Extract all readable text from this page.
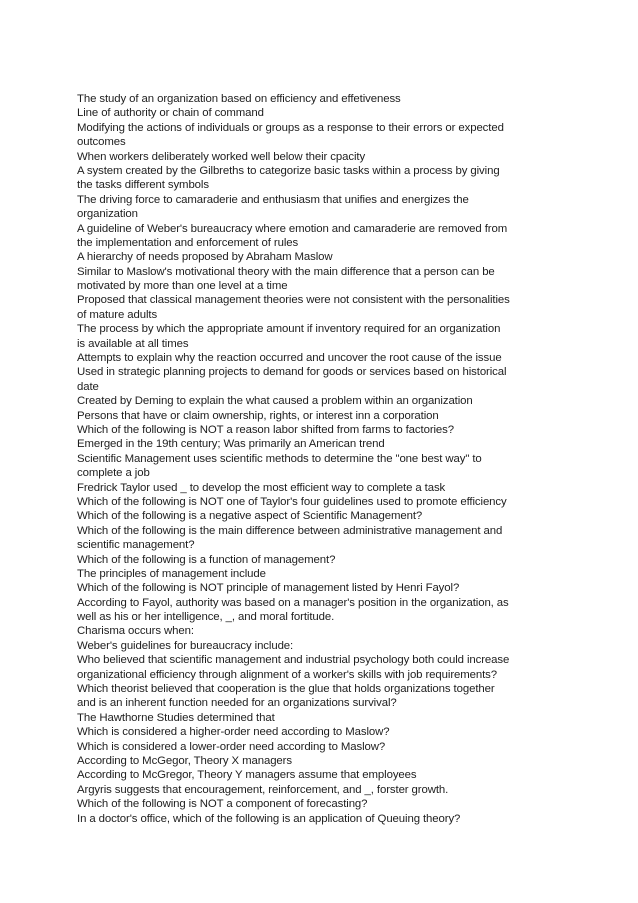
The study of an organization based on efficiency and effetiveness
Line of authority or chain of command
Modifying the actions of individuals or groups as a response to their errors or expected
outcomes
When workers deliberately worked well below their cpacity
A system created by the Gilbreths to categorize basic tasks within a process by giving
the tasks different symbols
The driving force to camaraderie and enthusiasm that unifies and energizes the
organization
A guideline of Weber's bureaucracy where emotion and camaraderie are removed from
the implementation and enforcement of rules
A hierarchy of needs proposed by Abraham Maslow
Similar to Maslow's motivational theory with the main difference that a person can be
motivated by more than one level at a time
Proposed that classical management theories were not consistent with the personalities
of mature adults
The process by which the appropriate amount if inventory required for an organization
is available at all times
Attempts to explain why the reaction occurred and uncover the root cause of the issue
Used in strategic planning projects to demand for goods or services based on historical
date
Created by Deming to explain the what caused a problem within an organization
Persons that have or claim ownership, rights, or interest inn a corporation
Which of the following is NOT a reason labor shifted from farms to factories?
Emerged in the 19th century; Was primarily an American trend
Scientific Management uses scientific methods to determine the "one best way" to
complete a job
Fredrick Taylor used _ to develop the most efficient way to complete a task
Which of the following is NOT one of Taylor's four guidelines used to promote efficiency
Which of the following is a negative aspect of Scientific Management?
Which of the following is the main difference between administrative management and
scientific management?
Which of the following is a function of management?
The principles of management include
Which of the following is NOT principle of management listed by Henri Fayol?
According to Fayol, authority was based on a manager's position in the organization, as
well as his or her intelligence, _, and moral fortitude.
Charisma occurs when:
Weber's guidelines for bureaucracy include:
Who believed that scientific management and industrial psychology both could increase
organizational efficiency through alignment of a worker's skills with job requirements?
Which theorist believed that cooperation is the glue that holds organizations together
and is an inherent function needed for an organizations survival?
The Hawthorne Studies determined that
Which is considered a higher-order need according to Maslow?
Which is considered a lower-order need according to Maslow?
According to McGegor, Theory X managers
According to McGregor, Theory Y managers assume that employees
Argyris suggests that encouragement, reinforcement, and _, forster growth.
Which of the following is NOT a component of forecasting?
In a doctor's office, which of the following is an application of Queuing theory?
